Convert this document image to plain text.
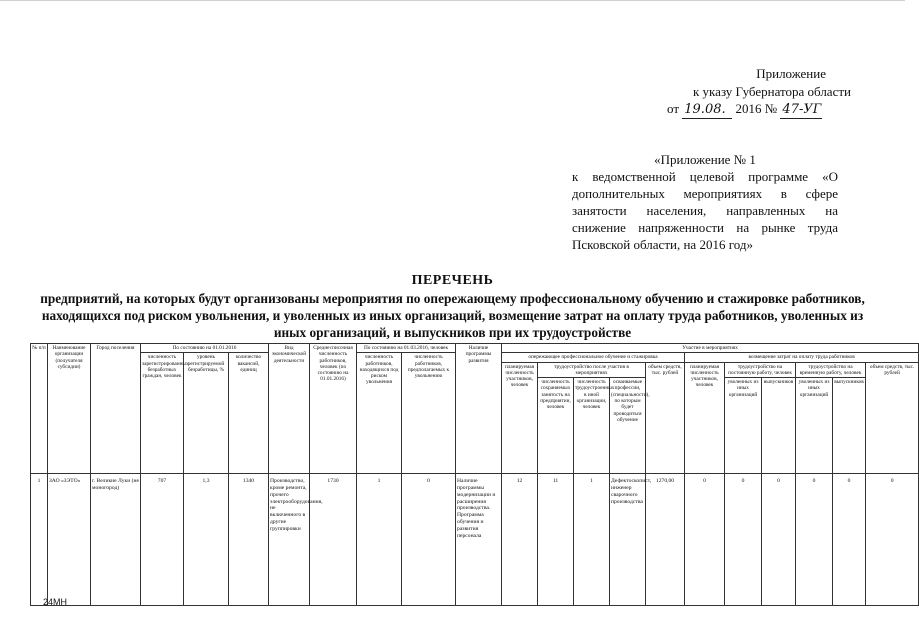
Приложение
к указу Губернатора области
от 19.08. 2016 № 47-УГ
«Приложение № 1
к ведомственной целевой программе «О дополнительных мероприятиях в сфере занятости населения, направленных на снижение напряженности на рынке труда Псковской области, на 2016 год»
ПЕРЕЧЕНЬ
предприятий, на которых будут организованы мероприятия по опережающему профессиональному обучению и стажировке работников, находящихся под риском увольнения, и уволенных из иных организаций, возмещение затрат на оплату труда работников, уволенных из иных организаций, и выпускников при их трудоустройстве
№ п/п	Наименование организации (получателя субсидии)	Город поселения	По состоянию на 01.01.2016			Вид экономической деятельности	Среднесписочная численность работников, человек (по состоянию на 01.01.2016)	По состоянию на 01.03.2016, человек		Наличие программы развития	Участие в мероприятиях										
			численность зарегистрированных безработных граждан, человек	уровень регистрируемой безработицы, %	количество вакансий, единиц			численность работников, находящихся под риском увольнения	численность работников, предполагаемых к увольнению		опережающее профессиональное обучение и стажировка					возмещение затрат на оплату труда работников					
											планируемая численность участников, человек	трудоустройство после участия в мероприятиях			объем средств, тыс. рублей	планируемая численность участников, человек	трудоустройство на постоянную работу, человек		трудоустройство на временную работу, человек		объем средств, тыс. рублей
												численность сохраняемых занятость на предприятии, человек	численность трудоустроенных в иной организации, человек	осваиваемые профессии, (специальности), по которым будет проводиться обучение			уволенных из иных организаций	выпускников	уволенных из иных организаций	выпускников	
1	ЗАО «ЗЭТО»	г. Великие Луки (не моногород)	707	1,3	1340	Производство, кроме ремонта, прочего электрооборудования, не включенного в другие группировки	1730	1	0	Наличие программы модернизации и расширения производства. Программа обучения и развития персонала	12	11	1	Дефектоскопист, инженер сварочного производства	1270,00	0	0	0	0	0	0
24МН
